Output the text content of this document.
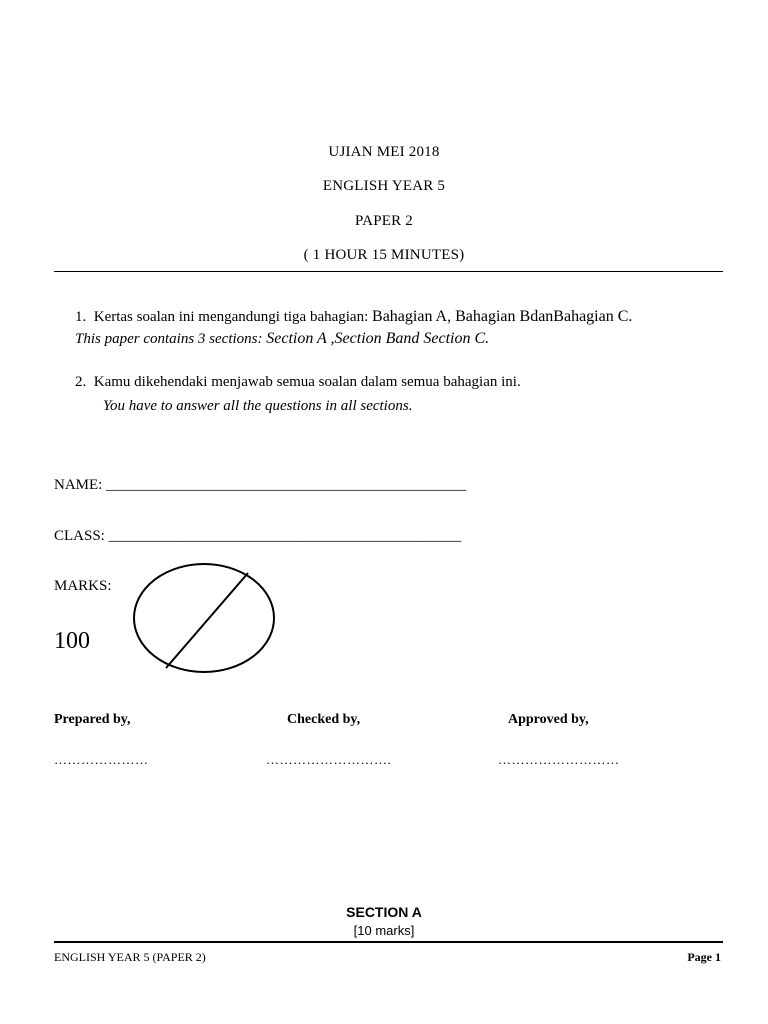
UJIAN MEI 2018
ENGLISH YEAR 5
PAPER 2
( 1 HOUR 15 MINUTES)
1. Kertas soalan ini mengandungi tiga bahagian: Bahagian A, Bahagian BdanBahagian C.
This paper contains 3 sections: Section A ,Section Band Section C.
2. Kamu dikehendaki menjawab semua soalan dalam semua bahagian ini.
You have to answer all the questions in all sections.
NAME: ________________________________________________
CLASS: _______________________________________________
MARKS:
100
Prepared by,	Checked by,	Approved by,
…………………	……………………….	………………………
SECTION A
[10 marks]
ENGLISH YEAR 5 (PAPER 2)	Page 1
